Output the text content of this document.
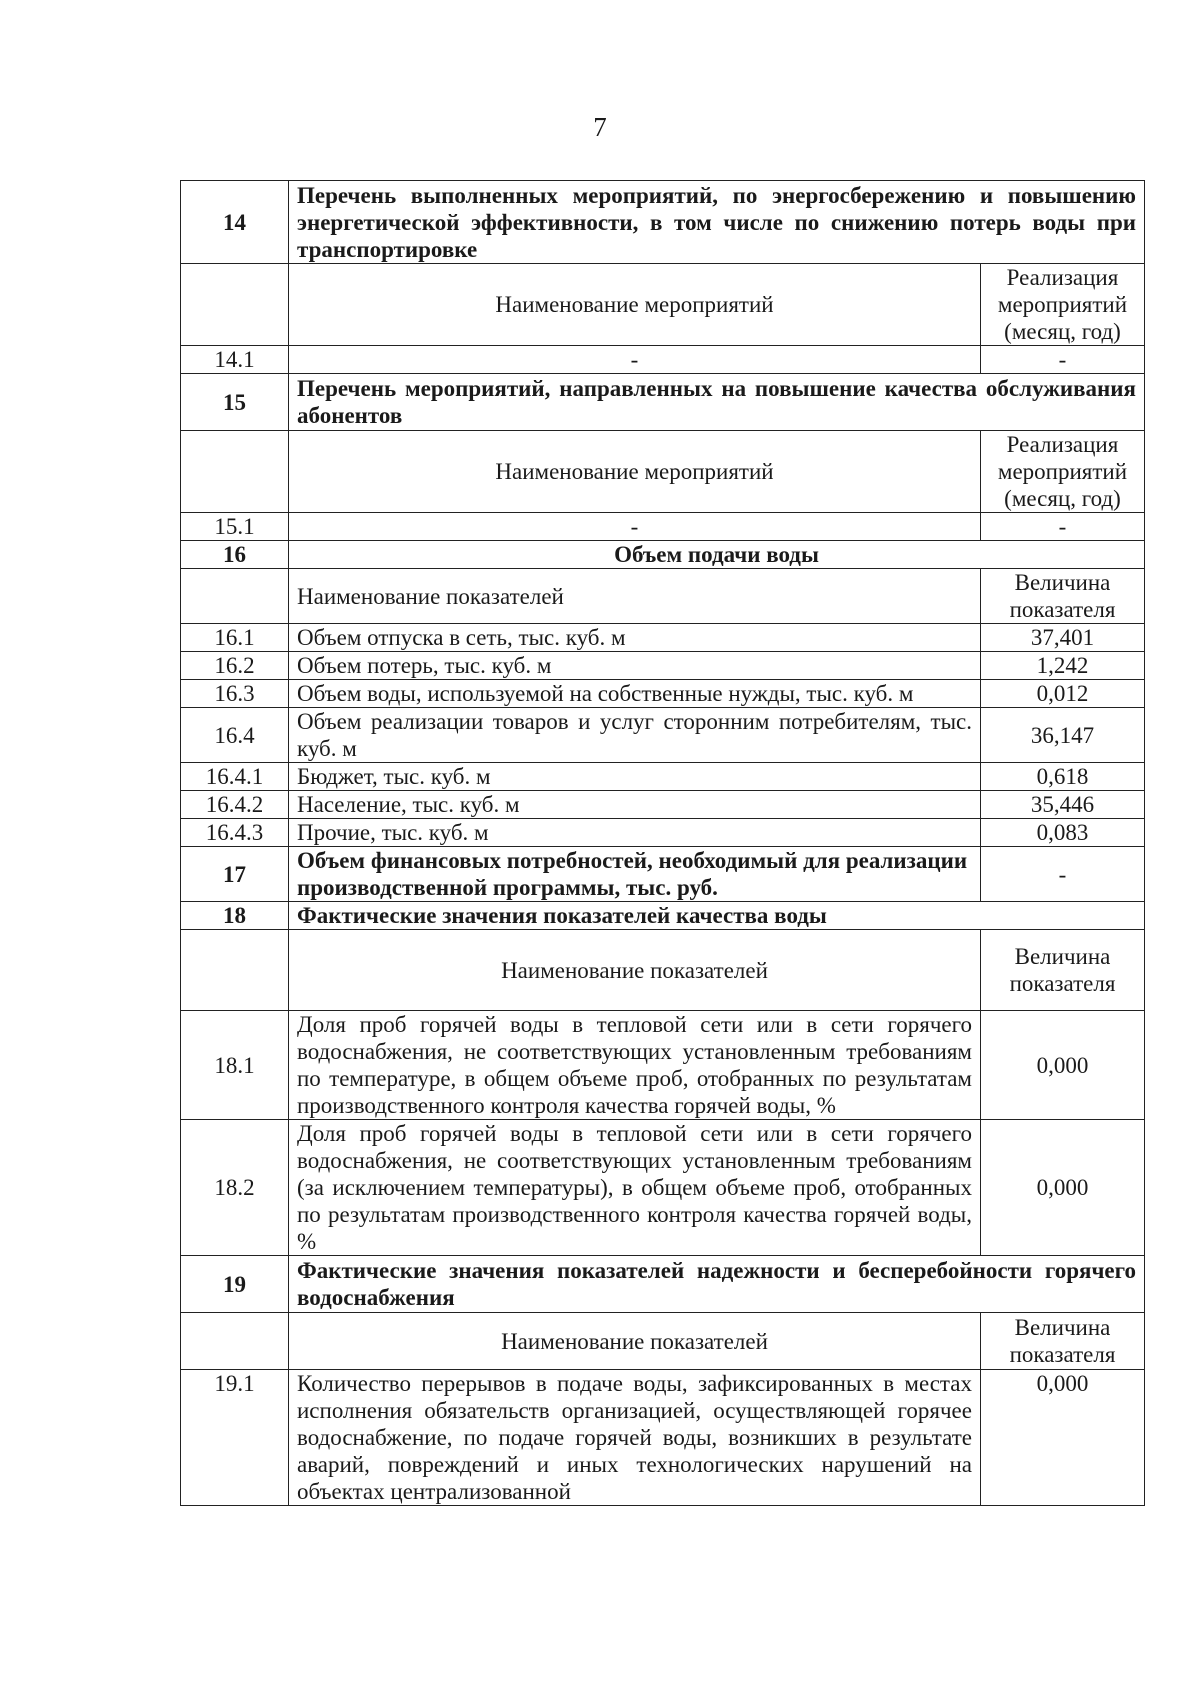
7
14	Перечень выполненных мероприятий, по энергосбережению и повышению энергетической эффективности, в том числе по снижению потерь воды при транспортировке	
	Наименование мероприятий	Реализация мероприятий (месяц, год)
14.1	-	-
15	Перечень мероприятий, направленных на повышение качества обслуживания абонентов	
	Наименование мероприятий	Реализация мероприятий (месяц, год)
15.1	-	-
16	Объем подачи воды	
	Наименование показателей	Величина показателя
16.1	Объем отпуска в сеть, тыс. куб. м	37,401
16.2	Объем потерь, тыс. куб. м	1,242
16.3	Объем воды, используемой на собственные нужды, тыс. куб. м	0,012
16.4	Объем реализации товаров и услуг сторонним потребителям, тыс. куб. м	36,147
16.4.1	Бюджет, тыс. куб. м	0,618
16.4.2	Население, тыс. куб. м	35,446
16.4.3	Прочие, тыс. куб. м	0,083
17	Объем финансовых потребностей, необходимый для реализации производственной программы, тыс. руб.	-
18	Фактические значения показателей качества воды	
	Наименование показателей	Величина показателя
18.1	Доля проб горячей воды в тепловой сети или в сети горячего водоснабжения, не соответствующих установленным требованиям по температуре, в общем объеме проб, отобранных по результатам производственного контроля качества горячей воды, %	0,000
18.2	Доля проб горячей воды в тепловой сети или в сети горячего водоснабжения, не соответствующих установленным требованиям (за исключением температуры), в общем объеме проб, отобранных по результатам производственного контроля качества горячей воды, %	0,000
19	Фактические значения показателей надежности и бесперебойности горячего водоснабжения	
	Наименование показателей	Величина показателя
19.1	Количество перерывов в подаче воды, зафиксированных в местах исполнения обязательств организацией, осуществляющей горячее водоснабжение, по подаче горячей воды, возникших в результате аварий, повреждений и иных технологических нарушений на объектах централизованной	0,000
